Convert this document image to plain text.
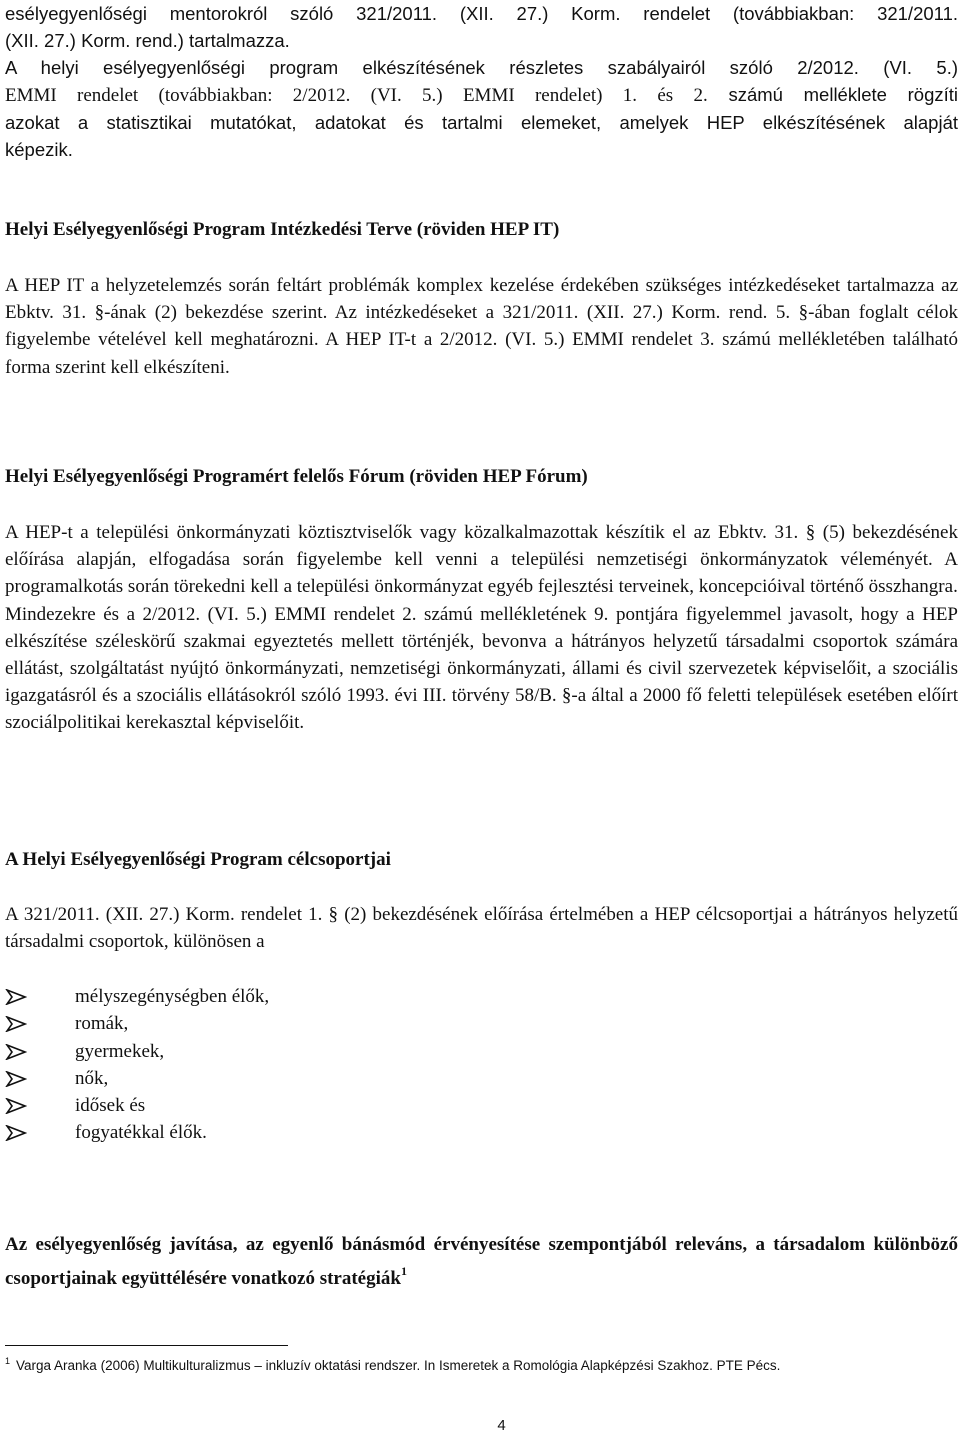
esélyegyenlőségi mentorokról szóló 321/2011. (XII. 27.) Korm. rendelet (továbbiakban: 321/2011.
(XII. 27.) Korm. rend.) tartalmazza.
A helyi esélyegyenlőségi program elkészítésének részletes szabályairól szóló 2/2012. (VI. 5.)
EMMI rendelet (továbbiakban: 2/2012. (VI. 5.) EMMI rendelet) 1. és 2. számú melléklete rögzíti
azokat a statisztikai mutatókat, adatokat és tartalmi elemeket, amelyek HEP elkészítésének alapját
képezik.
Helyi Esélyegyenlőségi Program Intézkedési Terve (röviden HEP IT)

A HEP IT a helyzetelemzés során feltárt problémák komplex kezelése érdekében szükséges intézkedéseket tartalmazza az Ebktv. 31. §-ának (2) bekezdése szerint. Az intézkedéseket a 321/2011. (XII. 27.) Korm. rend. 5. §-ában foglalt célok figyelembe vételével kell meghatározni. A HEP IT-t a 2/2012. (VI. 5.) EMMI rendelet 3. számú mellékletében található forma szerint kell elkészíteni.

Helyi Esélyegyenlőségi Programért felelős Fórum (röviden HEP Fórum)

A HEP-t a települési önkormányzati köztisztviselők vagy közalkalmazottak készítik el az Ebktv. 31. § (5) bekezdésének előírása alapján, elfogadása során figyelembe kell venni a települési nemzetiségi önkormányzatok véleményét. A programalkotás során törekedni kell a települési önkormányzat egyéb fejlesztési terveinek, koncepcióival történő összhangra.

Mindezekre és a 2/2012. (VI. 5.) EMMI rendelet 2. számú mellékletének 9. pontjára figyelemmel javasolt, hogy a HEP elkészítése széleskörű szakmai egyeztetés mellett történjék, bevonva a hátrányos helyzetű társadalmi csoportok számára ellátást, szolgáltatást nyújtó önkormányzati, nemzetiségi önkormányzati, állami és civil szervezetek képviselőit, a szociális igazgatásról és a szociális ellátásokról szóló 1993. évi III. törvény 58/B. §-a által a 2000 fő feletti települések esetében előírt szociálpolitikai kerekasztal képviselőit.

A Helyi Esélyegyenlőségi Program célcsoportjai

A 321/2011. (XII. 27.) Korm. rendelet 1. § (2) bekezdésének előírása értelmében a HEP célcsoportjai a hátrányos helyzetű társadalmi csoportok, különösen a

mélyszegénységben élők,
romák,
gyermekek,
nők,
idősek és
fogyatékkal élők.
Az esélyegyenlőség javítása, az egyenlő bánásmód érvényesítése szempontjából releváns, a társadalom különböző csoportjainak együttélésére vonatkozó stratégiák$^1$
$^1$ Varga Aranka (2006) Multikulturalizmus – inkluzív oktatási rendszer. In Ismeretek a Romológia Alapképzési Szakhoz. PTE Pécs.
4
